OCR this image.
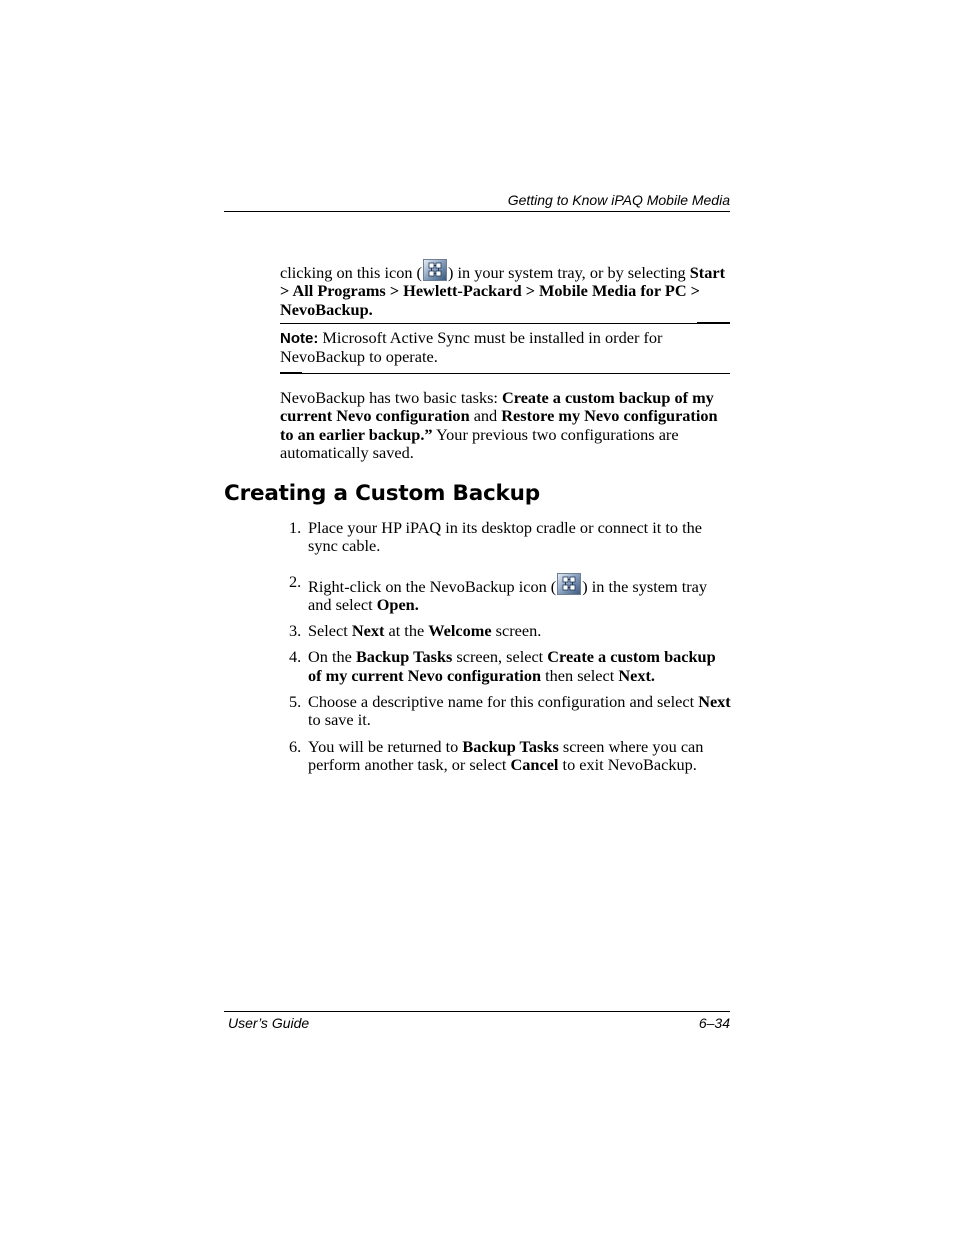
Getting to Know iPAQ Mobile Media
clicking on this icon ( ) in your system tray, or by selecting Start > All Programs > Hewlett-Packard > Mobile Media for PC > NevoBackup.
Note: Microsoft Active Sync must be installed in order for NevoBackup to operate.
NevoBackup has two basic tasks: Create a custom backup of my current Nevo configuration and Restore my Nevo configuration to an earlier backup.” Your previous two configurations are automatically saved.
Creating a Custom Backup
1. Place your HP iPAQ in its desktop cradle or connect it to the sync cable.
2. Right-click on the NevoBackup icon ( ) in the system tray and select Open.
3. Select Next at the Welcome screen.
4. On the Backup Tasks screen, select Create a custom backup of my current Nevo configuration then select Next.
5. Choose a descriptive name for this configuration and select Next to save it.
6. You will be returned to Backup Tasks screen where you can perform another task, or select Cancel to exit NevoBackup.
User’s Guide	6–34
